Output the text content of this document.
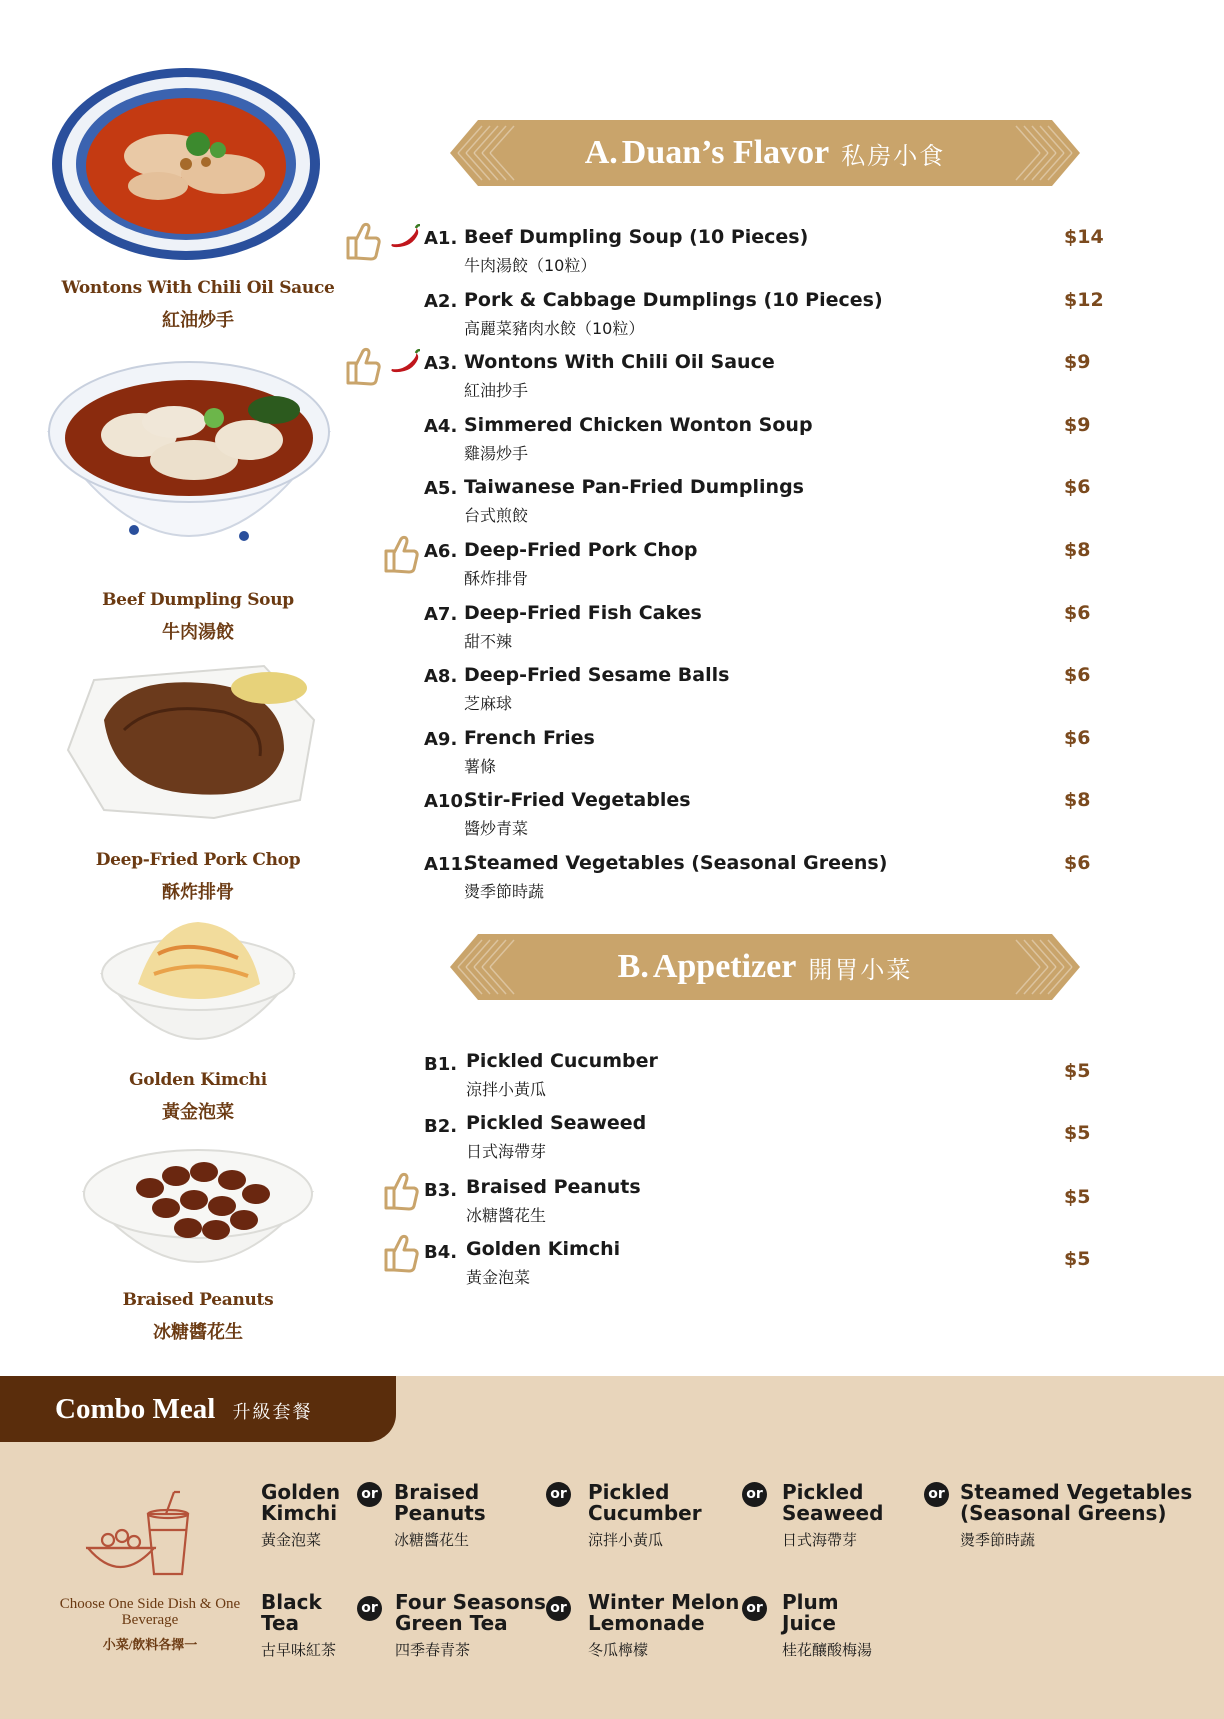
Wontons With Chili Oil Sauce
紅油炒手
Beef Dumpling Soup
牛肉湯餃
Deep-Fried Pork Chop
酥炸排骨
Golden Kimchi
黃金泡菜
Braised Peanuts
冰糖醬花生
A. Duan’s Flavor 私房小食
B. Appetizer 開胃小菜
A1. Beef Dumpling Soup (10 Pieces)
牛肉湯餃（10粒）
$14
A2. Pork & Cabbage Dumplings (10 Pieces)
高麗菜豬肉水餃（10粒）
$12
A3. Wontons With Chili Oil Sauce
紅油抄手
$9
A4. Simmered Chicken Wonton Soup
雞湯炒手
$9
A5. Taiwanese Pan-Fried Dumplings
台式煎餃
$6
A6. Deep-Fried Pork Chop
酥炸排骨
$8
A7. Deep-Fried Fish Cakes
甜不辣
$6
A8. Deep-Fried Sesame Balls
芝麻球
$6
A9. French Fries
薯條
$6
A10.
Stir-Fried Vegetables
醬炒青菜
$8
A11.
Steamed Vegetables (Seasonal Greens)
燙季節時蔬
$6
B1. Pickled Cucumber
涼拌小黃瓜
$5
B2. Pickled Seaweed
日式海帶芽
$5
B3. Braised Peanuts
冰糖醬花生
$5
B4. Golden Kimchi
黃金泡菜
$5
Combo Meal 升級套餐
Choose One Side Dish & One Beverage
小菜/飲料各擇一
Golden
Kimchi
黃金泡菜
Braised
Peanuts
冰糖醬花生
Pickled
Cucumber
涼拌小黃瓜
Pickled
Seaweed
日式海帶芽
Steamed Vegetables
(Seasonal Greens)
燙季節時蔬
Black
Tea
古早味紅茶
Four Seasons
Green Tea
四季春青茶
Winter Melon
Lemonade
冬瓜檸檬
Plum
Juice
桂花釀酸梅湯
or	or	or	or
or	or	or
